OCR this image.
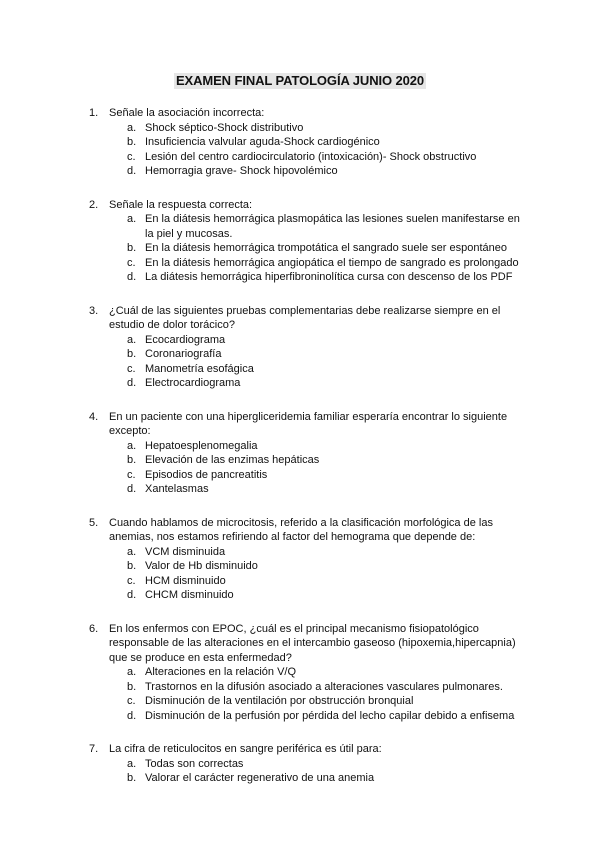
EXAMEN FINAL PATOLOGÍA JUNIO 2020
1. Señale la asociación incorrecta:
a. Shock séptico-Shock distributivo
b. Insuficiencia valvular aguda-Shock cardiogénico
c. Lesión del centro cardiocirculatorio (intoxicación)- Shock obstructivo
d. Hemorragia grave- Shock hipovolémico
2. Señale la respuesta correcta:
a. En la diátesis hemorrágica plasmopática las lesiones suelen manifestarse en la piel y mucosas.
b. En la diátesis hemorrágica trompotática el sangrado suele ser espontáneo
c. En la diátesis hemorrágica angiopática el tiempo de sangrado es prolongado
d. La diátesis hemorrágica hiperfibroninolítica cursa con descenso de los PDF
3. ¿Cuál de las siguientes pruebas complementarias debe realizarse siempre en el estudio de dolor torácico?
a. Ecocardiograma
b. Coronariografía
c. Manometría esofágica
d. Electrocardiograma
4. En un paciente con una hipergliceridemia familiar esperaría encontrar lo siguiente excepto:
a. Hepatoesplenomegalia
b. Elevación de las enzimas hepáticas
c. Episodios de pancreatitis
d. Xantelasmas
5. Cuando hablamos de microcitosis, referido a la clasificación morfológica de las anemias, nos estamos refiriendo al factor del hemograma que depende de:
a. VCM disminuida
b. Valor de Hb disminuido
c. HCM disminuido
d. CHCM disminuido
6. En los enfermos con EPOC, ¿cuál es el principal mecanismo fisiopatológico responsable de las alteraciones en el intercambio gaseoso (hipoxemia,hipercapnia) que se produce en esta enfermedad?
a. Alteraciones en la relación V/Q
b. Trastornos en la difusión asociado a alteraciones vasculares pulmonares.
c. Disminución de la ventilación por obstrucción bronquial
d. Disminución de la perfusión por pérdida del lecho capilar debido a enfisema
7. La cifra de reticulocitos en sangre periférica es útil para:
a. Todas son correctas
b. Valorar el carácter regenerativo de una anemia
